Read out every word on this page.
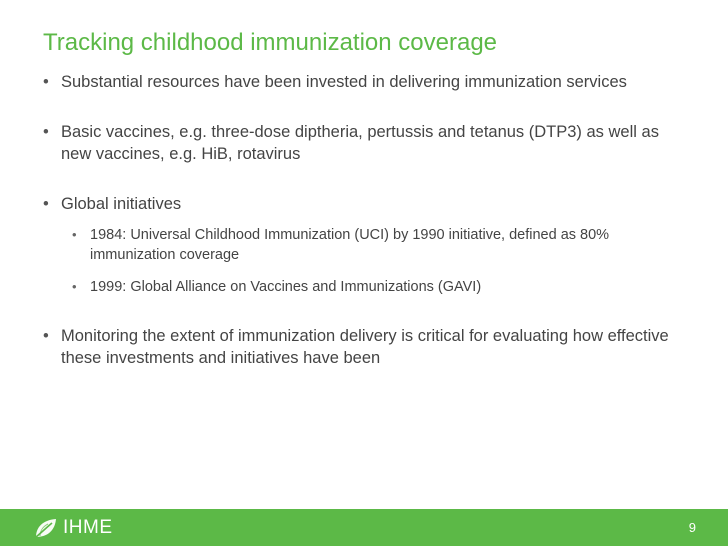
Tracking childhood immunization coverage
• Substantial resources have been invested in delivering immunization services
• Basic vaccines, e.g. three-dose diptheria, pertussis and tetanus (DTP3) as well as new vaccines, e.g. HiB, rotavirus
• Global initiatives
• 1984: Universal Childhood Immunization (UCI) by 1990 initiative, defined as 80% immunization coverage
• 1999: Global Alliance on Vaccines and Immunizations (GAVI)
• Monitoring the extent of immunization delivery is critical for evaluating how effective these investments and initiatives have been
IHME	9
